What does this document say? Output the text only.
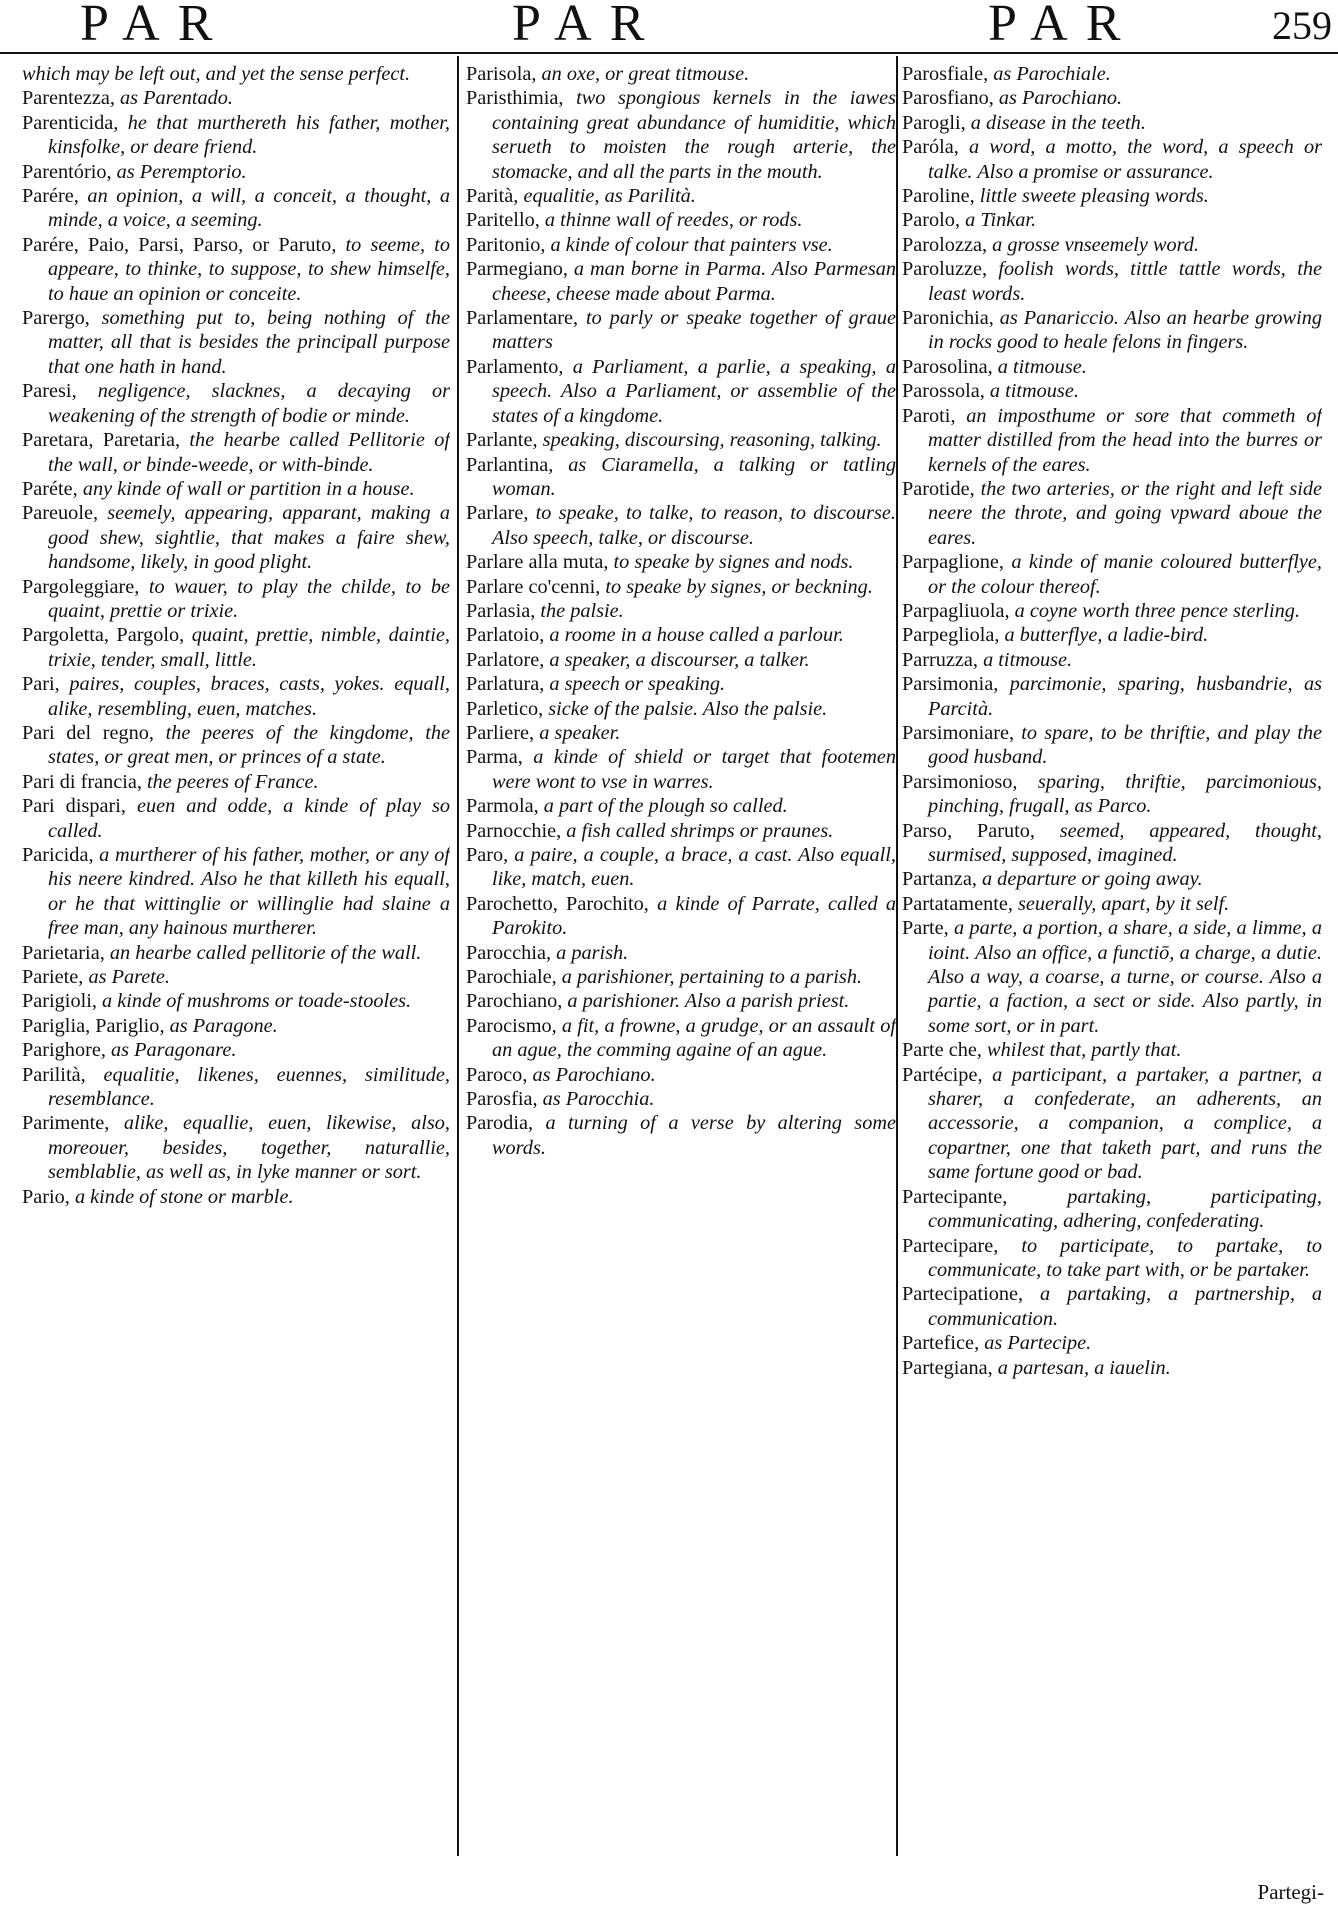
PAR	PAR	PAR	259

which may be left out, and yet the sense perfect.

Parentezza, as Parentado.

Parenticida, he that murthereth his father, mother, kinsfolke, or deare friend.

Parentório, as Peremptorio.

Parére, an opinion, a will, a conceit, a thought, a minde, a voice, a seeming.

Parére, Paio, Parsi, Parso, or Paruto, to seeme, to appeare, to thinke, to suppose, to shew himselfe, to haue an opinion or conceite.

Parergo, something put to, being nothing of the matter, all that is besides the principall purpose that one hath in hand.

Paresi, negligence, slacknes, a decaying or weakening of the strength of bodie or minde.

Paretara, Paretaria, the hearbe called Pellitorie of the wall, or binde-weede, or with-binde.

Paréte, any kinde of wall or partition in a house.

Pareuole, seemely, appearing, apparant, making a good shew, sightlie, that makes a faire shew, handsome, likely, in good plight.

Pargoleggiare, to wauer, to play the childe, to be quaint, prettie or trixie.

Pargoletta, Pargolo, quaint, prettie, nimble, daintie, trixie, tender, small, little.

Pari, paires, couples, braces, casts, yokes. equall, alike, resembling, euen, matches.

Pari del regno, the peeres of the kingdome, the states, or great men, or princes of a state.

Pari di francia, the peeres of France.

Pari dispari, euen and odde, a kinde of play so called.

Paricida, a murtherer of his father, mother, or any of his neere kindred. Also he that killeth his equall, or he that wittinglie or willinglie had slaine a free man, any hainous murtherer.

Parietaria, an hearbe called pellitorie of the wall.

Pariete, as Parete.

Parigioli, a kinde of mushroms or toade-stooles.

Pariglia, Pariglio, as Paragone.

Parighore, as Paragonare.

Parilità, equalitie, likenes, euennes, similitude, resemblance.

Parimente, alike, equallie, euen, likewise, also, moreouer, besides, together, naturallie, semblablie, as well as, in lyke manner or sort.

Pario, a kinde of stone or marble.

Parisola, an oxe, or great titmouse.

Paristhimia, two spongious kernels in the iawes containing great abundance of humiditie, which serueth to moisten the rough arterie, the stomacke, and all the parts in the mouth.

Parità, equalitie, as Parilità.

Paritello, a thinne wall of reedes, or rods.

Paritonio, a kinde of colour that painters vse.

Parmegiano, a man borne in Parma. Also Parmesan cheese, cheese made about Parma.

Parlamentare, to parly or speake together of graue matters

Parlamento, a Parliament, a parlie, a speaking, a speech. Also a Parliament, or assemblie of the states of a kingdome.

Parlante, speaking, discoursing, reasoning, talking.

Parlantina, as Ciaramella, a talking or tatling woman.

Parlare, to speake, to talke, to reason, to discourse. Also speech, talke, or discourse.

Parlare alla muta, to speake by signes and nods.

Parlare co'cenni, to speake by signes, or beckning.

Parlasia, the palsie.

Parlatoio, a roome in a house called a parlour.

Parlatore, a speaker, a discourser, a talker.

Parlatura, a speech or speaking.

Parletico, sicke of the palsie. Also the palsie.

Parliere, a speaker.

Parma, a kinde of shield or target that footemen were wont to vse in warres.

Parmola, a part of the plough so called.

Parnocchie, a fish called shrimps or praunes.

Paro, a paire, a couple, a brace, a cast. Also equall, like, match, euen.

Parochetto, Parochito, a kinde of Parrate, called a Parokito.

Parocchia, a parish.

Parochiale, a parishioner, pertaining to a parish.

Parochiano, a parishioner. Also a parish priest.

Parocismo, a fit, a frowne, a grudge, or an assault of an ague, the comming againe of an ague.

Paroco, as Parochiano.

Parosfia, as Parocchia.

Parodia, a turning of a verse by altering some words.

Parosfiale, as Parochiale.

Parosfiano, as Parochiano.

Parogli, a disease in the teeth.

Paróla, a word, a motto, the word, a speech or talke. Also a promise or assurance.

Paroline, little sweete pleasing words.

Parolo, a Tinkar.

Parolozza, a grosse vnseemely word.

Paroluzze, foolish words, tittle tattle words, the least words.

Paronichia, as Panariccio. Also an hearbe growing in rocks good to heale felons in fingers.

Parosolina, a titmouse.

Parossola, a titmouse.

Paroti, an imposthume or sore that commeth of matter distilled from the head into the burres or kernels of the eares.

Parotide, the two arteries, or the right and left side neere the throte, and going vpward aboue the eares.

Parpaglione, a kinde of manie coloured butterflye, or the colour thereof.

Parpagliuola, a coyne worth three pence sterling.

Parpegliola, a butterflye, a ladie-bird.

Parruzza, a titmouse.

Parsimonia, parcimonie, sparing, husbandrie, as Parcità.

Parsimoniare, to spare, to be thriftie, and play the good husband.

Parsimonioso, sparing, thriftie, parcimonious, pinching, frugall, as Parco.

Parso, Paruto, seemed, appeared, thought, surmised, supposed, imagined.

Partanza, a departure or going away.

Partatamente, seuerally, apart, by it self.

Parte, a parte, a portion, a share, a side, a limme, a ioint. Also an office, a functiō, a charge, a dutie. Also a way, a coarse, a turne, or course. Also a partie, a faction, a sect or side. Also partly, in some sort, or in part.

Parte che, whilest that, partly that.

Partécipe, a participant, a partaker, a partner, a sharer, a confederate, an adherents, an accessorie, a companion, a complice, a copartner, one that taketh part, and runs the same fortune good or bad.

Partecipante, partaking, participating, communicating, adhering, confederating.

Partecipare, to participate, to partake, to communicate, to take part with, or be partaker.

Partecipatione, a partaking, a partnership, a communication.

Partefice, as Partecipe.

Partegiana, a partesan, a iauelin.

Partegi-
